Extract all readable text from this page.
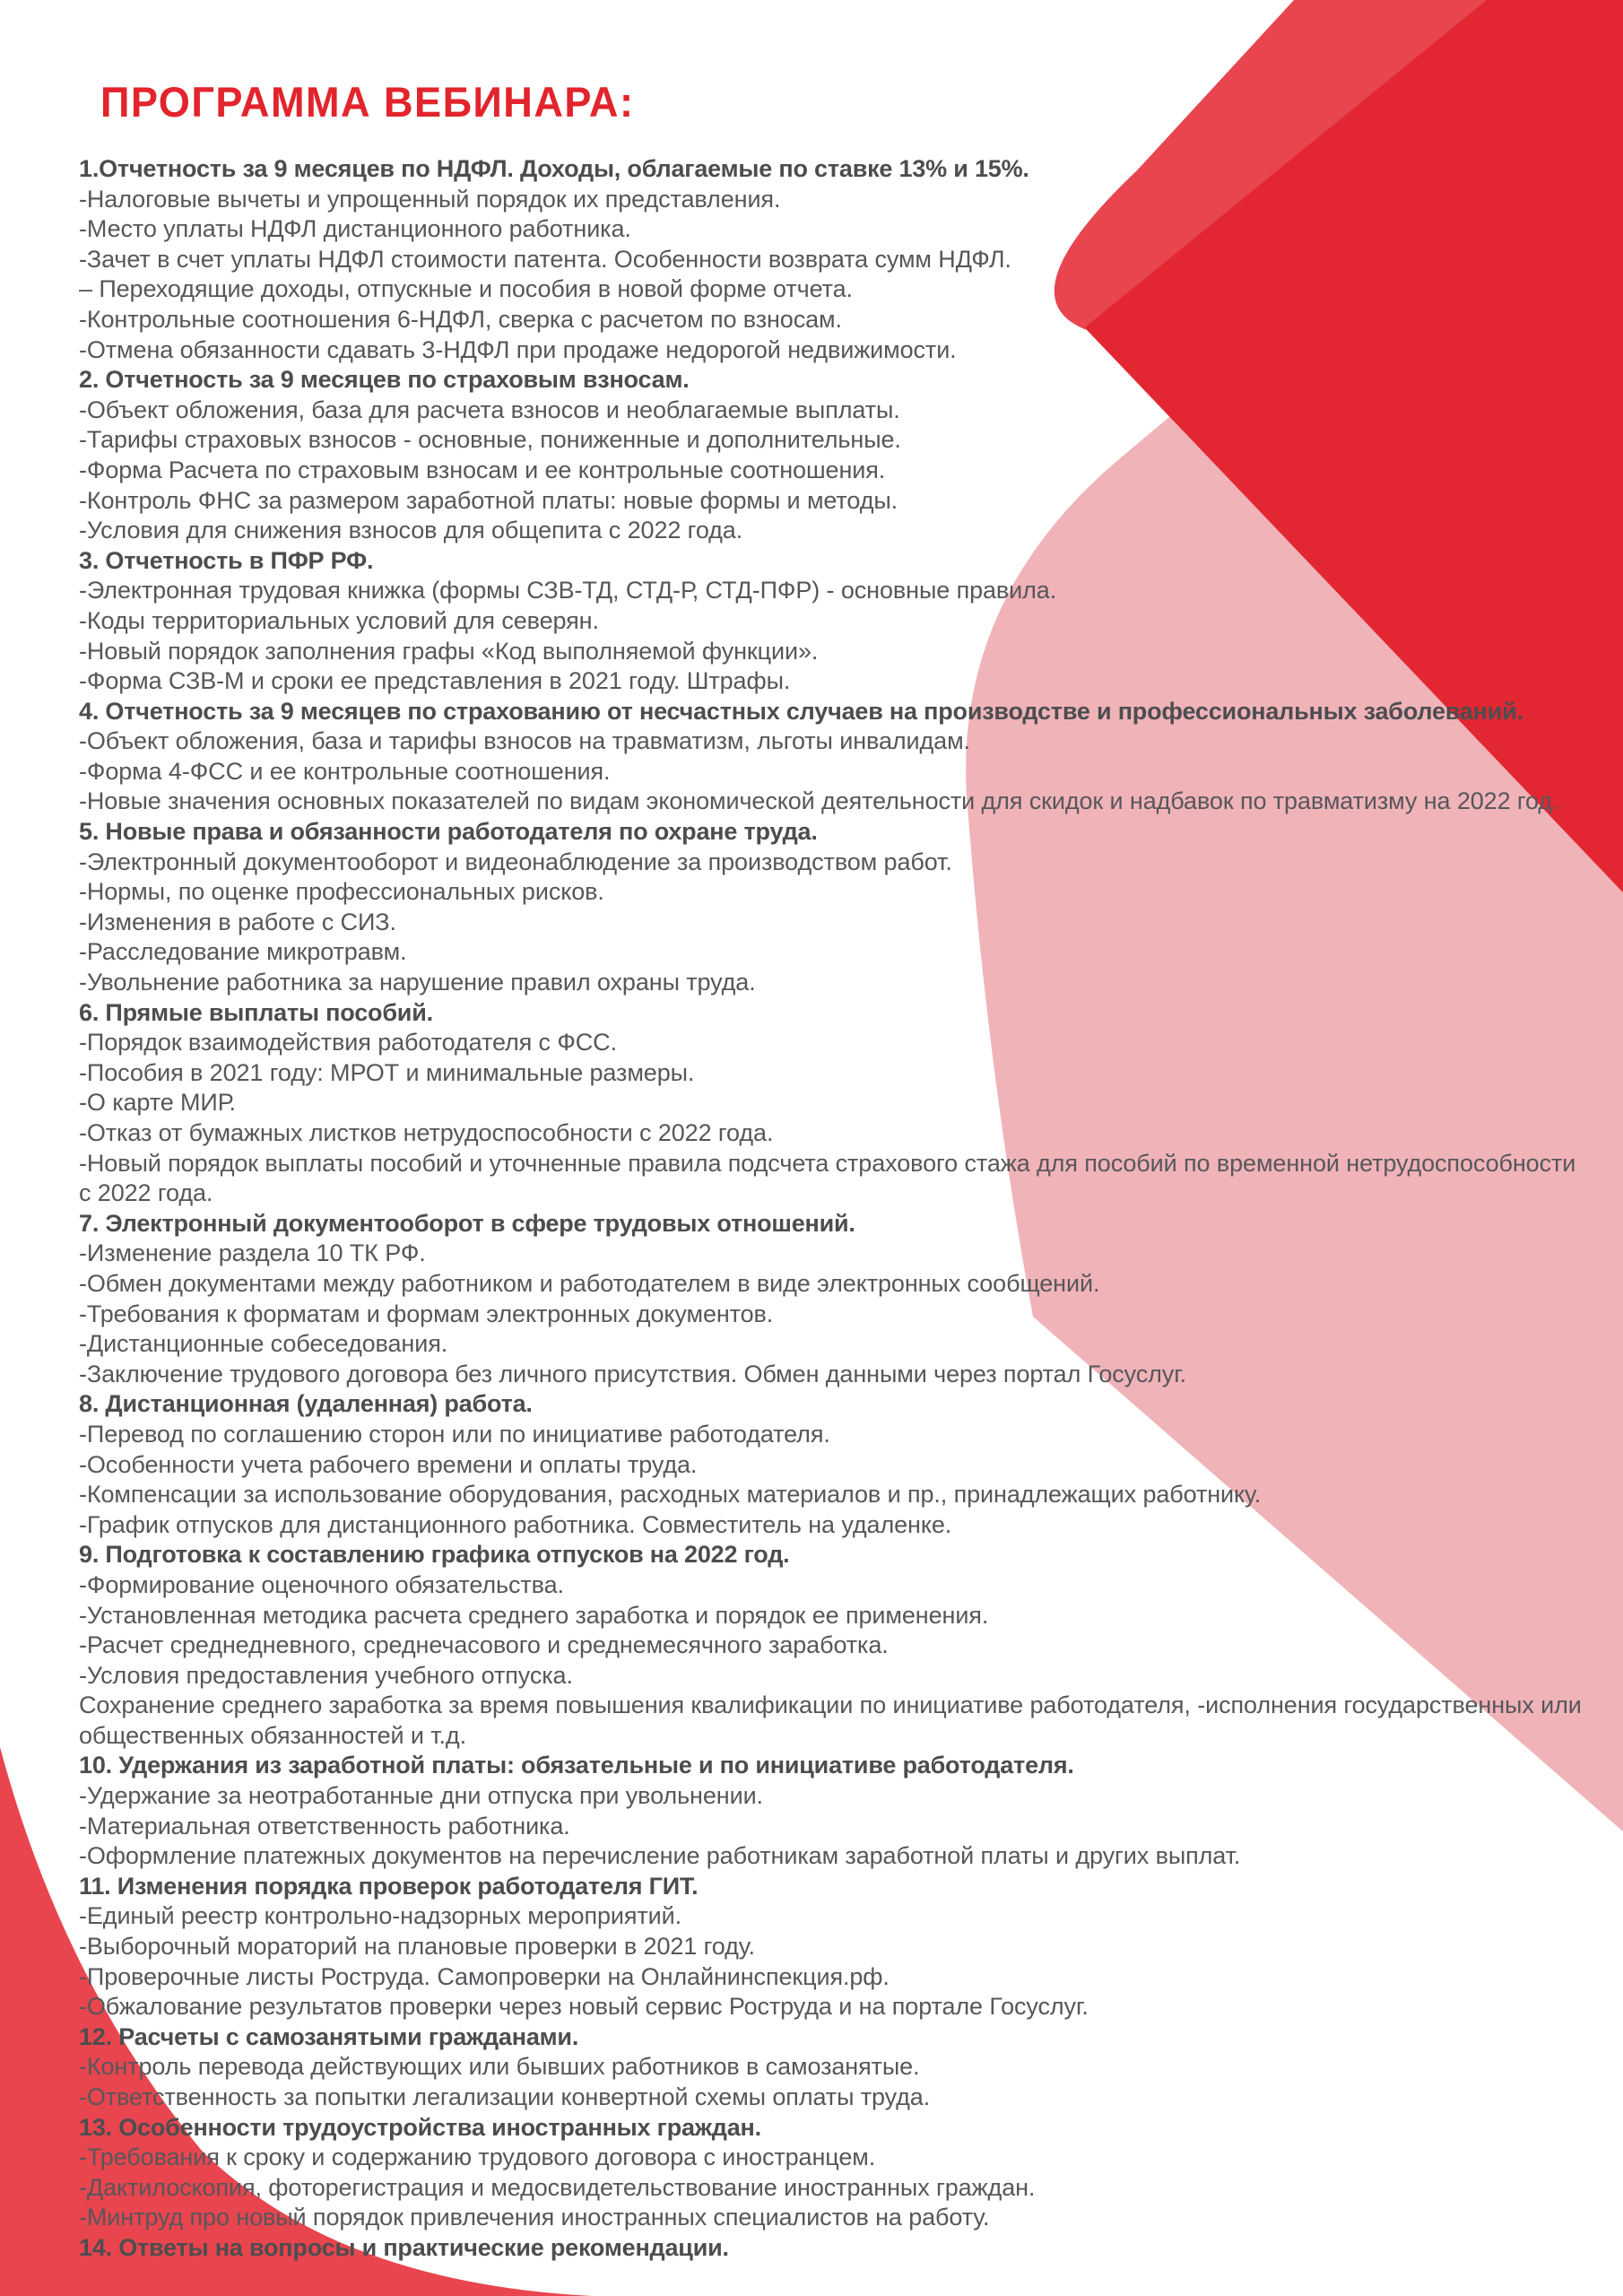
ПРОГРАММА ВЕБИНАРА:
1.Отчетность за 9 месяцев по НДФЛ. Доходы, облагаемые по ставке 13% и 15%.
-Налоговые вычеты и упрощенный порядок их представления.
-Место уплаты НДФЛ дистанционного работника.
-Зачет в счет уплаты НДФЛ стоимости патента. Особенности возврата сумм НДФЛ.
– Переходящие доходы, отпускные и пособия в новой форме отчета.
-Контрольные соотношения 6-НДФЛ, сверка с расчетом по взносам.
-Отмена обязанности сдавать 3-НДФЛ при продаже недорогой недвижимости.
2. Отчетность за 9 месяцев по страховым взносам.
-Объект обложения, база для расчета взносов и необлагаемые выплаты.
-Тарифы страховых взносов - основные, пониженные и дополнительные.
-Форма Расчета по страховым взносам и ее контрольные соотношения.
-Контроль ФНС за размером заработной платы: новые формы и методы.
-Условия для снижения взносов для общепита с 2022 года.
3. Отчетность в ПФР РФ.
-Электронная трудовая книжка (формы СЗВ-ТД, СТД-Р, СТД-ПФР) - основные правила.
-Коды территориальных условий для северян.
-Новый порядок заполнения графы «Код выполняемой функции».
-Форма СЗВ-М и сроки ее представления в 2021 году. Штрафы.
4. Отчетность за 9 месяцев по страхованию от несчастных случаев на производстве и профессиональных заболеваний.
-Объект обложения, база и тарифы взносов на травматизм, льготы инвалидам.
-Форма 4-ФСС и ее контрольные соотношения.
-Новые значения основных показателей по видам экономической деятельности для скидок и надбавок по травматизму на 2022 год.
5. Новые права и обязанности работодателя по охране труда.
-Электронный документооборот и видеонаблюдение за производством работ.
-Нормы, по оценке профессиональных рисков.
-Изменения в работе с СИЗ.
-Расследование микротравм.
-Увольнение работника за нарушение правил охраны труда.
6. Прямые выплаты пособий.
-Порядок взаимодействия работодателя с ФСС.
-Пособия в 2021 году: МРОТ и минимальные размеры.
-О карте МИР.
-Отказ от бумажных листков нетрудоспособности с 2022 года.
-Новый порядок выплаты пособий и уточненные правила подсчета страхового стажа для пособий по временной нетрудоспособности с 2022 года.
7. Электронный документооборот в сфере трудовых отношений.
-Изменение раздела 10 ТК РФ.
-Обмен документами между работником и работодателем в виде электронных сообщений.
-Требования к форматам и формам электронных документов.
-Дистанционные собеседования.
-Заключение трудового договора без личного присутствия. Обмен данными через портал Госуслуг.
8. Дистанционная (удаленная) работа.
-Перевод по соглашению сторон или по инициативе работодателя.
-Особенности учета рабочего времени и оплаты труда.
-Компенсации за использование оборудования, расходных материалов и пр., принадлежащих работнику.
-График отпусков для дистанционного работника. Совместитель на удаленке.
9. Подготовка к составлению графика отпусков на 2022 год.
-Формирование оценочного обязательства.
-Установленная методика расчета среднего заработка и порядок ее применения.
-Расчет среднедневного, среднечасового и среднемесячного заработка.
-Условия предоставления учебного отпуска.
Сохранение среднего заработка за время повышения квалификации по инициативе работодателя, -исполнения государственных или общественных обязанностей и т.д.
10. Удержания из заработной платы: обязательные и по инициативе работодателя.
-Удержание за неотработанные дни отпуска при увольнении.
-Материальная ответственность работника.
-Оформление платежных документов на перечисление работникам заработной платы и других выплат.
11. Изменения порядка проверок работодателя ГИТ.
-Единый реестр контрольно-надзорных мероприятий.
-Выборочный мораторий на плановые проверки в 2021 году.
-Проверочные листы Роструда. Самопроверки на Онлайнинспекция.рф.
-Обжалование результатов проверки через новый сервис Роструда и на портале Госуслуг.
12. Расчеты с самозанятыми гражданами.
-Контроль перевода действующих или бывших работников в самозанятые.
-Ответственность за попытки легализации конвертной схемы оплаты труда.
13. Особенности трудоустройства иностранных граждан.
-Требования к сроку и содержанию трудового договора с иностранцем.
-Дактилоскопия, фоторегистрация и медосвидетельствование иностранных граждан.
-Минтруд про новый порядок привлечения иностранных специалистов на работу.
14. Ответы на вопросы и практические рекомендации.
